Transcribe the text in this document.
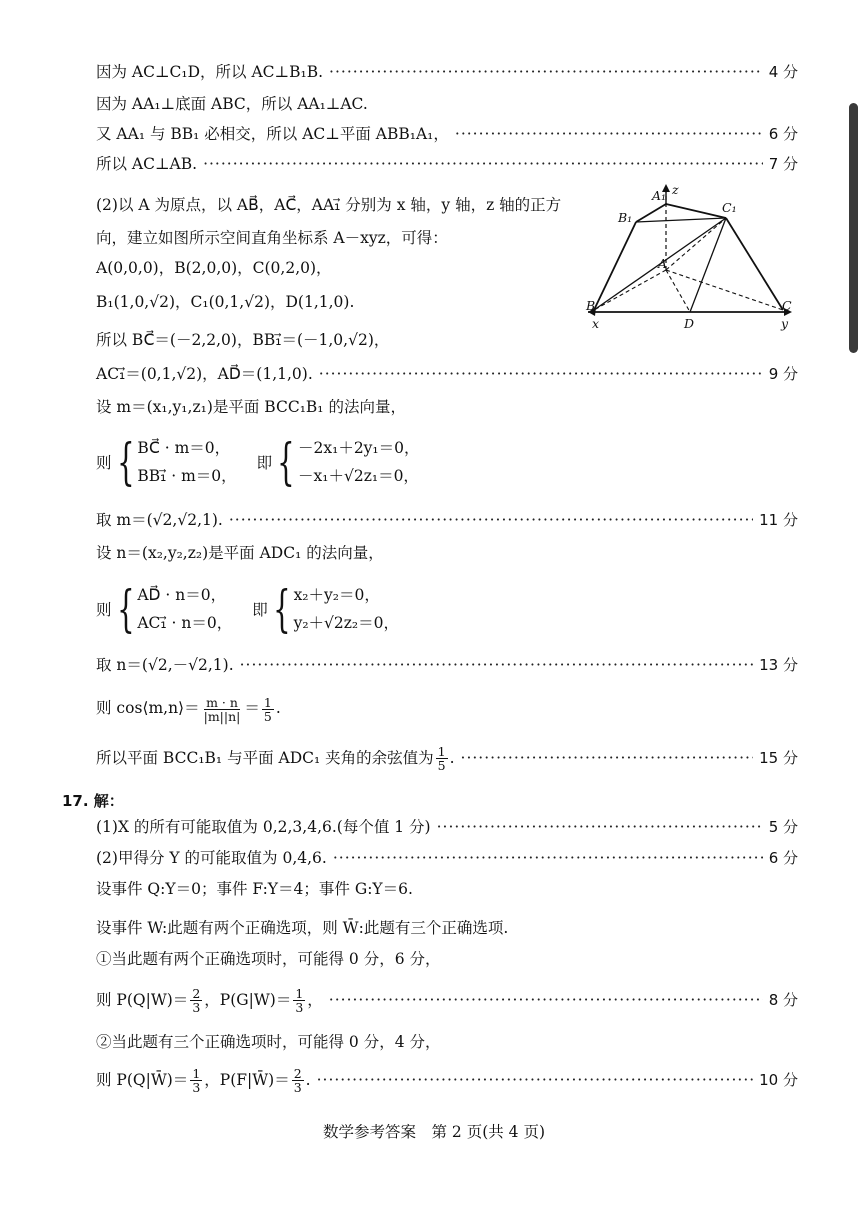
因为 AC⊥C₁D，所以 AC⊥B₁B. ·····	4 分
因为 AA₁⊥底面 ABC，所以 AA₁⊥AC.
又 AA₁ 与 BB₁ 必相交，所以 AC⊥平面 ABB₁A₁， ·····	6 分
所以 AC⊥AB. ·····	7 分
(2)以 A 为原点，以 AB⃗，AC⃗，AA₁⃗ 分别为 x 轴，y 轴，z 轴的正方
向，建立如图所示空间直角坐标系 A－xyz，可得：
A(0,0,0)，B(2,0,0)，C(0,2,0)，
B₁(1,0,√2)，C₁(0,1,√2)，D(1,1,0).
A₁ z
B₁
C₁
A
B	C
D
x	y
所以 BC⃗＝(－2,2,0)，BB₁⃗＝(－1,0,√2)，
AC₁⃗＝(0,1,√2)，AD⃗＝(1,1,0). ·····	9 分
设 m＝(x₁,y₁,z₁)是平面 BCC₁B₁ 的法向量，
则 { BC⃗ · m＝0，
BB₁⃗ · m＝0，
即 { －2x₁＋2y₁＝0，
－x₁＋√2z₁＝0，
取 m＝(√2,√2,1). ·····	11 分
设 n＝(x₂,y₂,z₂)是平面 ADC₁ 的法向量，
则 { AD⃗ · n＝0，
AC₁⃗ · n＝0，
即 { x₂＋y₂＝0，
y₂＋√2z₂＝0，
取 n＝(√2,－√2,1). ·····	13 分
则 cos⟨m,n⟩＝ $\frac{m \cdot n}{|m||n|} = \frac{1}{5}$ .
所以平面 BCC₁B₁ 与平面 ADC₁ 夹角的余弦值为 $\frac{1}{5}$ . ·····	15 分
17. 解：
(1)X 的所有可能取值为 0,2,3,4,6.(每个值 1 分) ·····	5 分
(2)甲得分 Y 的可能取值为 0,4,6. ·····	6 分
设事件 Q:Y＝0；事件 F:Y＝4；事件 G:Y＝6.
设事件 W:此题有两个正确选项，则 W̄:此题有三个正确选项.
①当此题有两个正确选项时，可能得 0 分，6 分，
则 $P(Q|W)= \frac{2}{3}$ ，$P(G|W)= \frac{1}{3}$ ， ·····	8 分
②当此题有三个正确选项时，可能得 0 分，4 分，
则 P(Q|W̄)＝ $\frac{1}{3}$ ，P(F|W̄)＝ $\frac{2}{3}$ . ·····	10 分
数学参考答案　第 2 页(共 4 页)
